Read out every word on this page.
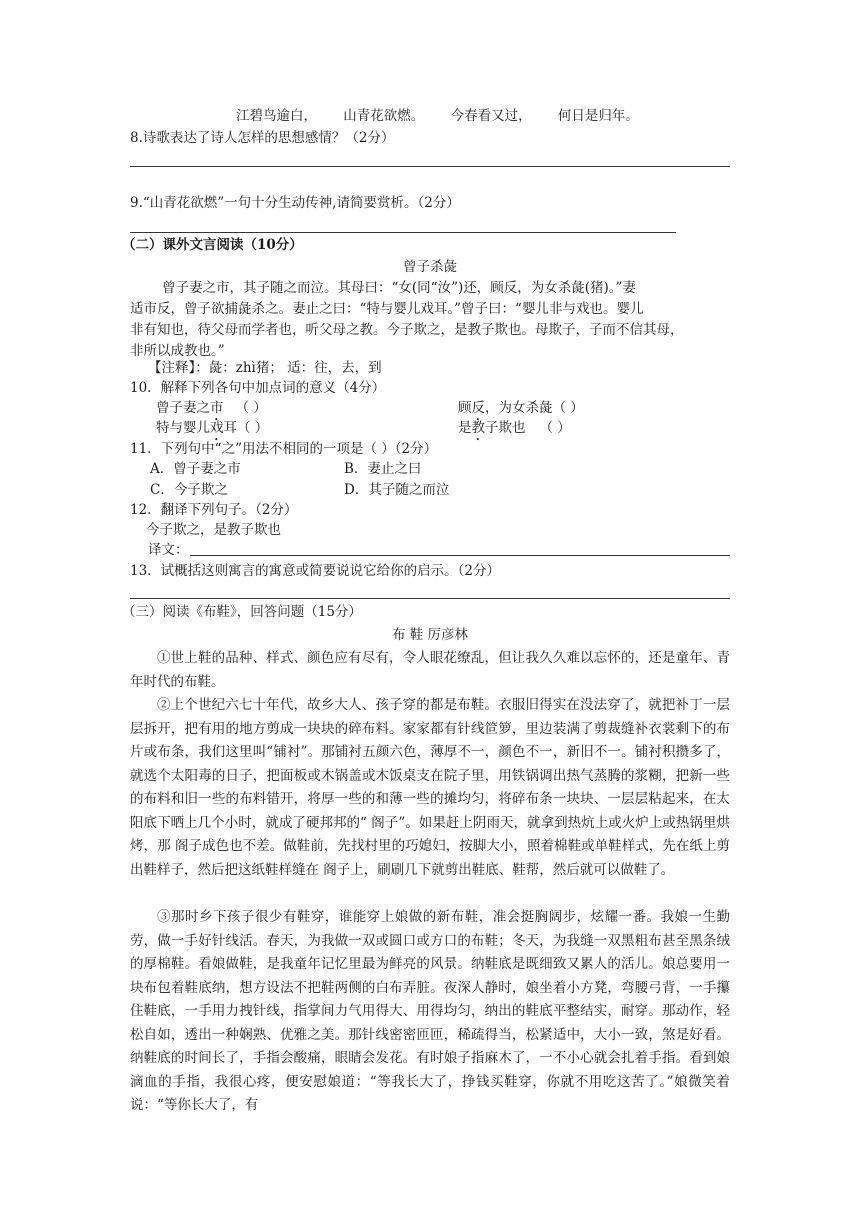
江碧鸟逾白， 山青花欲燃。 今春看又过， 何日是归年。
8.诗歌表达了诗人怎样的思想感情？（2分）
9.“山青花欲燃”一句十分生动传神,请简要赏析。（2分）
（二）课外文言阅读（10分）
曾子杀彘
曾子妻之市，其子随之而泣。其母曰：“女(同“汝”)还，顾反，为女杀彘(猪)。”妻
适市反，曾子欲捕彘杀之。妻止之曰：“特与婴儿戏耳。”曾子曰：“婴儿非与戏也。婴儿
非有知也，待父母而学者也，听父母之教。今子欺之，是教子欺也。母欺子，子而不信其母，
非所以成教也。”
【注释】：彘：zhì猪； 适：往，去，到
10．解释下列各句中加点词的意义（4分）
曾子妻之市 （ ）	顾反，为女杀彘（ ）
特与婴儿戏耳（ ）	是教子欺也 （ ）
11．下列句中“之”用法不相同的一项是（ ）（2分）
A．曾子妻之市	B．妻止之曰
C．今子欺之	D．其子随之而泣
12．翻译下列句子。（2分）
今子欺之，是教子欺也
译文：
13．试概括这则寓言的寓意或简要说说它给你的启示。（2分）
（三）阅读《布鞋》，回答问题（15分）
布 鞋 厉彦林
①世上鞋的品种、样式、颜色应有尽有，令人眼花缭乱，但让我久久难以忘怀的，还是童年、青年时代的布鞋。
②上个世纪六七十年代，故乡大人、孩子穿的都是布鞋。衣服旧得实在没法穿了，就把补丁一层层拆开，把有用的地方剪成一块块的碎布料。家家都有针线笸箩，里边装满了剪裁缝补衣裳剩下的布片或布条，我们这里叫“铺衬”。那铺衬五颜六色，薄厚不一，颜色不一，新旧不一。铺衬积攒多了，就选个太阳毒的日子，把面板或木锅盖或木饭桌支在院子里，用铁锅调出热气蒸腾的浆糊，把新一些的布料和旧一些的布料错开，将厚一些的和薄一些的摊均匀，将碎布条一块块、一层层粘起来，在太阳底下晒上几个小时，就成了硬邦邦的“ 阁子”。如果赶上阴雨天，就拿到热炕上或火炉上或热锅里烘烤，那 阁子成色也不差。做鞋前，先找村里的巧媳妇，按脚大小，照着棉鞋或单鞋样式，先在纸上剪出鞋样子，然后把这纸鞋样缝在 阁子上，刷刷几下就剪出鞋底、鞋帮，然后就可以做鞋了。
③那时乡下孩子很少有鞋穿，谁能穿上娘做的新布鞋，准会挺胸阔步，炫耀一番。我娘一生勤劳，做一手好针线活。春天，为我做一双或圆口或方口的布鞋；冬天，为我缝一双黑粗布甚至黑条绒的厚棉鞋。看娘做鞋，是我童年记忆里最为鲜亮的风景。纳鞋底是既细致又累人的活儿。娘总要用一块布包着鞋底纳，想方设法不把鞋两侧的白布弄脏。夜深人静时，娘坐着小方凳，弯腰弓背，一手攥住鞋底，一手用力拽针线，指掌间力气用得大、用得均匀，纳出的鞋底平整结实，耐穿。那动作，轻松自如，透出一种娴熟、优雅之美。那针线密密匝匝，稀疏得当，松紧适中，大小一致，煞是好看。纳鞋底的时间长了，手指会酸痛，眼睛会发花。有时娘子指麻木了，一不小心就会扎着手指。看到娘滴血的手指，我很心疼，便安慰娘道：“等我长大了，挣钱买鞋穿，你就不用吃这苦了。”娘微笑着说：“等你长大了，有
